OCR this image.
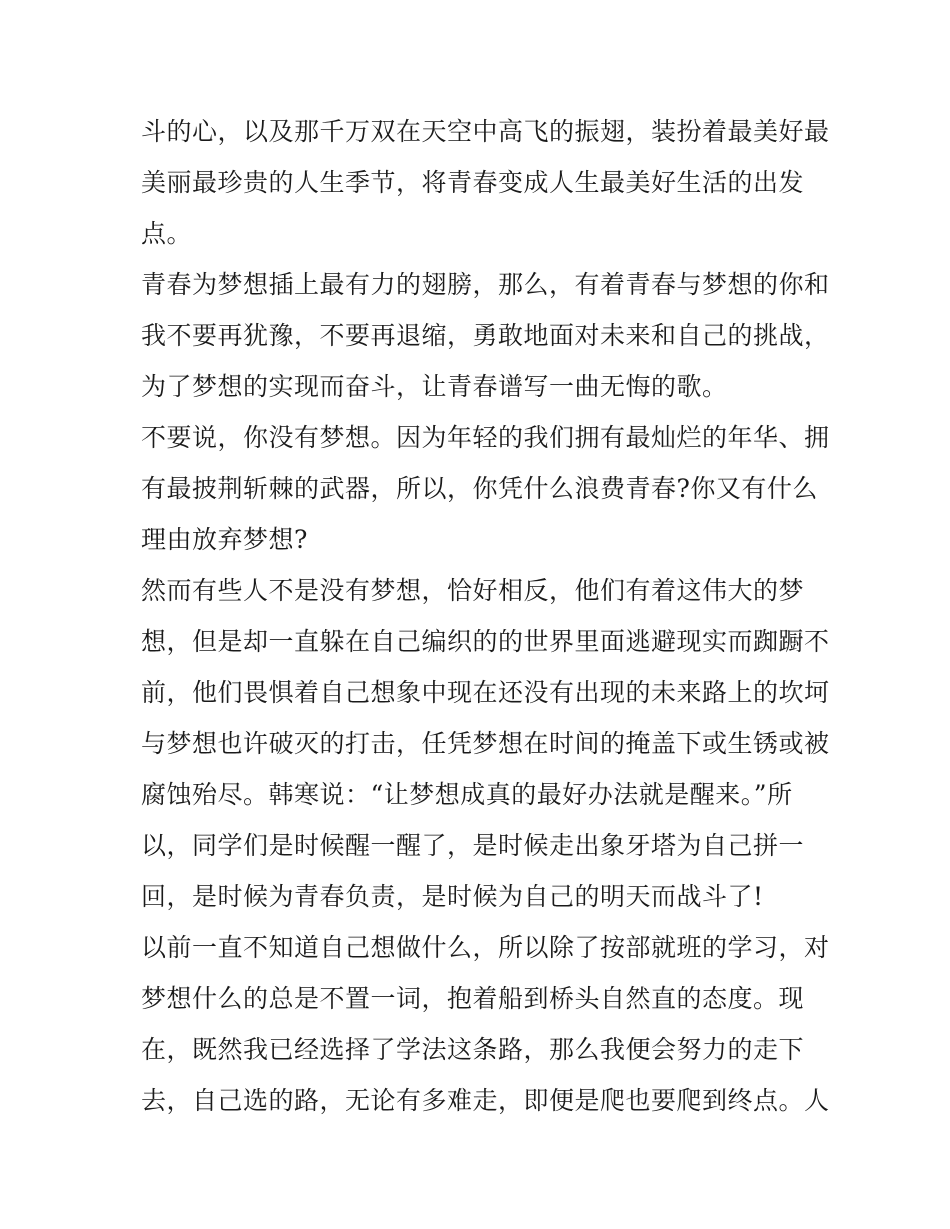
斗的心，以及那千万双在天空中高飞的振翅，装扮着最美好最
美丽最珍贵的人生季节，将青春变成人生最美好生活的出发
点。
青春为梦想插上最有力的翅膀，那么，有着青春与梦想的你和
我不要再犹豫，不要再退缩，勇敢地面对未来和自己的挑战，
为了梦想的实现而奋斗，让青春谱写一曲无悔的歌。
不要说，你没有梦想。因为年轻的我们拥有最灿烂的年华、拥
有最披荆斩棘的武器，所以，你凭什么浪费青春?你又有什么
理由放弃梦想?
然而有些人不是没有梦想，恰好相反，他们有着这伟大的梦
想，但是却一直躲在自己编织的的世界里面逃避现实而踟蹰不
前，他们畏惧着自己想象中现在还没有出现的未来路上的坎坷
与梦想也许破灭的打击，任凭梦想在时间的掩盖下或生锈或被
腐蚀殆尽。韩寒说：“让梦想成真的最好办法就是醒来。”所
以，同学们是时候醒一醒了，是时候走出象牙塔为自己拼一
回，是时候为青春负责，是时候为自己的明天而战斗了!
以前一直不知道自己想做什么，所以除了按部就班的学习，对
梦想什么的总是不置一词，抱着船到桥头自然直的态度。现
在，既然我已经选择了学法这条路，那么我便会努力的走下
去，自己选的路，无论有多难走，即便是爬也要爬到终点。人
